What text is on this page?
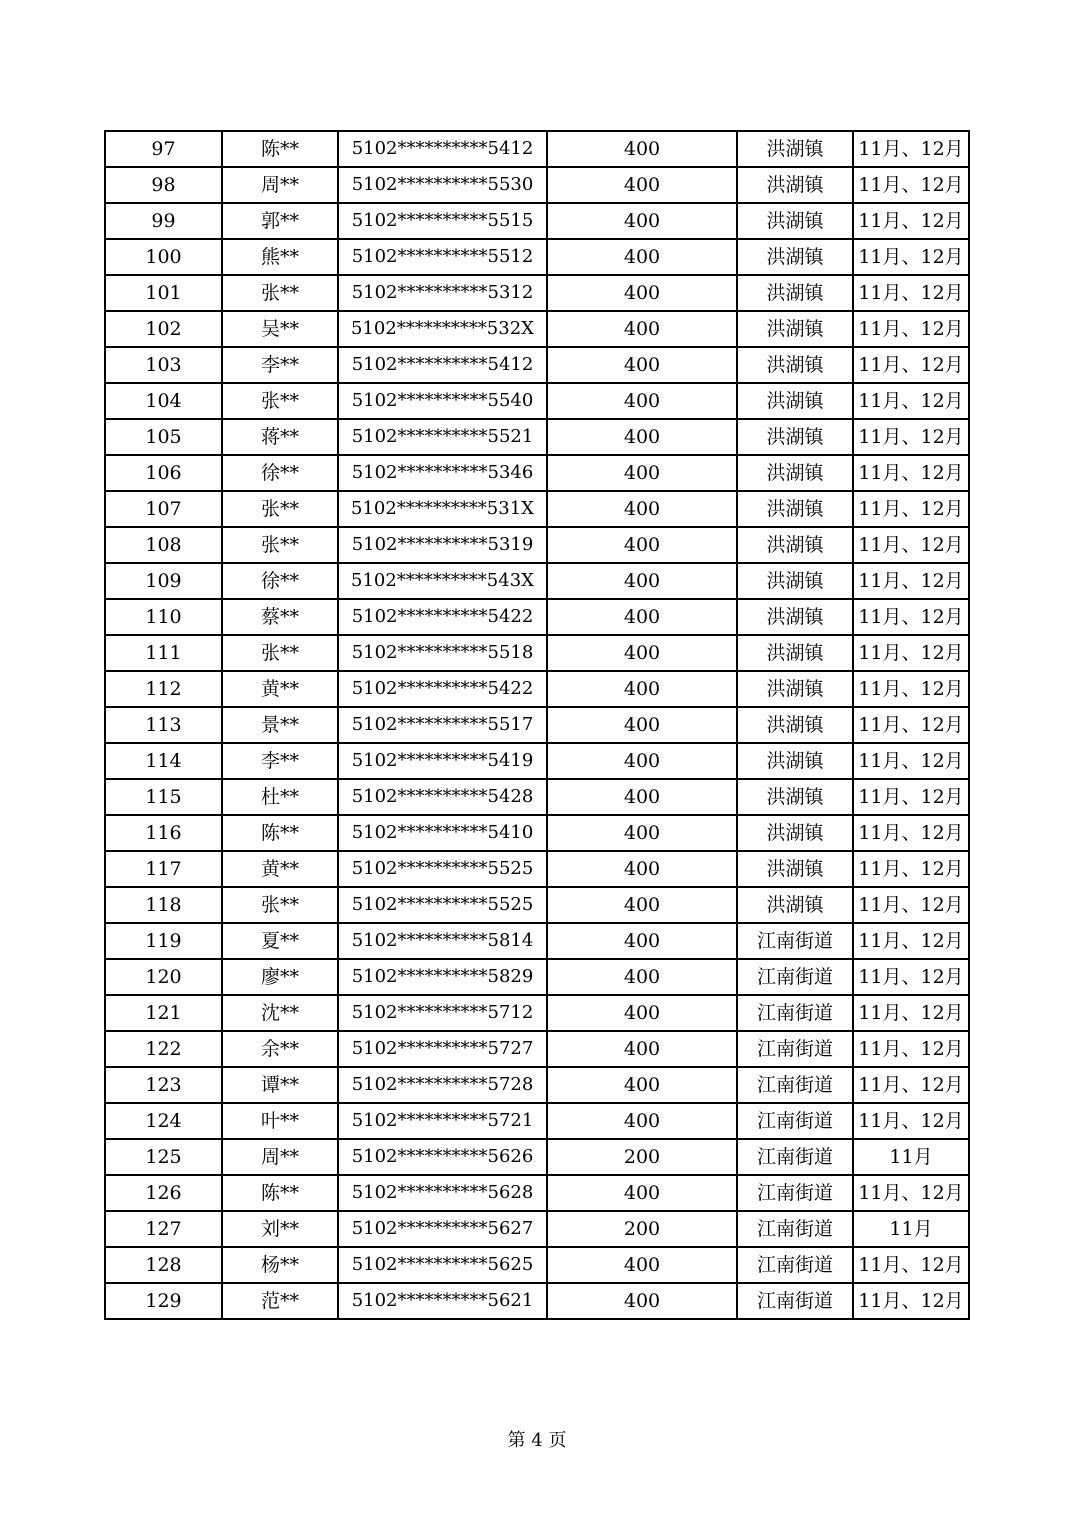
97	陈**	5102**********5412	400	洪湖镇	11月、12月
98	周**	5102**********5530	400	洪湖镇	11月、12月
99	郭**	5102**********5515	400	洪湖镇	11月、12月
100	熊**	5102**********5512	400	洪湖镇	11月、12月
101	张**	5102**********5312	400	洪湖镇	11月、12月
102	吴**	5102**********532X	400	洪湖镇	11月、12月
103	李**	5102**********5412	400	洪湖镇	11月、12月
104	张**	5102**********5540	400	洪湖镇	11月、12月
105	蒋**	5102**********5521	400	洪湖镇	11月、12月
106	徐**	5102**********5346	400	洪湖镇	11月、12月
107	张**	5102**********531X	400	洪湖镇	11月、12月
108	张**	5102**********5319	400	洪湖镇	11月、12月
109	徐**	5102**********543X	400	洪湖镇	11月、12月
110	蔡**	5102**********5422	400	洪湖镇	11月、12月
111	张**	5102**********5518	400	洪湖镇	11月、12月
112	黄**	5102**********5422	400	洪湖镇	11月、12月
113	景**	5102**********5517	400	洪湖镇	11月、12月
114	李**	5102**********5419	400	洪湖镇	11月、12月
115	杜**	5102**********5428	400	洪湖镇	11月、12月
116	陈**	5102**********5410	400	洪湖镇	11月、12月
117	黄**	5102**********5525	400	洪湖镇	11月、12月
118	张**	5102**********5525	400	洪湖镇	11月、12月
119	夏**	5102**********5814	400	江南街道	11月、12月
120	廖**	5102**********5829	400	江南街道	11月、12月
121	沈**	5102**********5712	400	江南街道	11月、12月
122	余**	5102**********5727	400	江南街道	11月、12月
123	谭**	5102**********5728	400	江南街道	11月、12月
124	叶**	5102**********5721	400	江南街道	11月、12月
125	周**	5102**********5626	200	江南街道	11月
126	陈**	5102**********5628	400	江南街道	11月、12月
127	刘**	5102**********5627	200	江南街道	11月
128	杨**	5102**********5625	400	江南街道	11月、12月
129	范**	5102**********5621	400	江南街道	11月、12月
第 4 页
